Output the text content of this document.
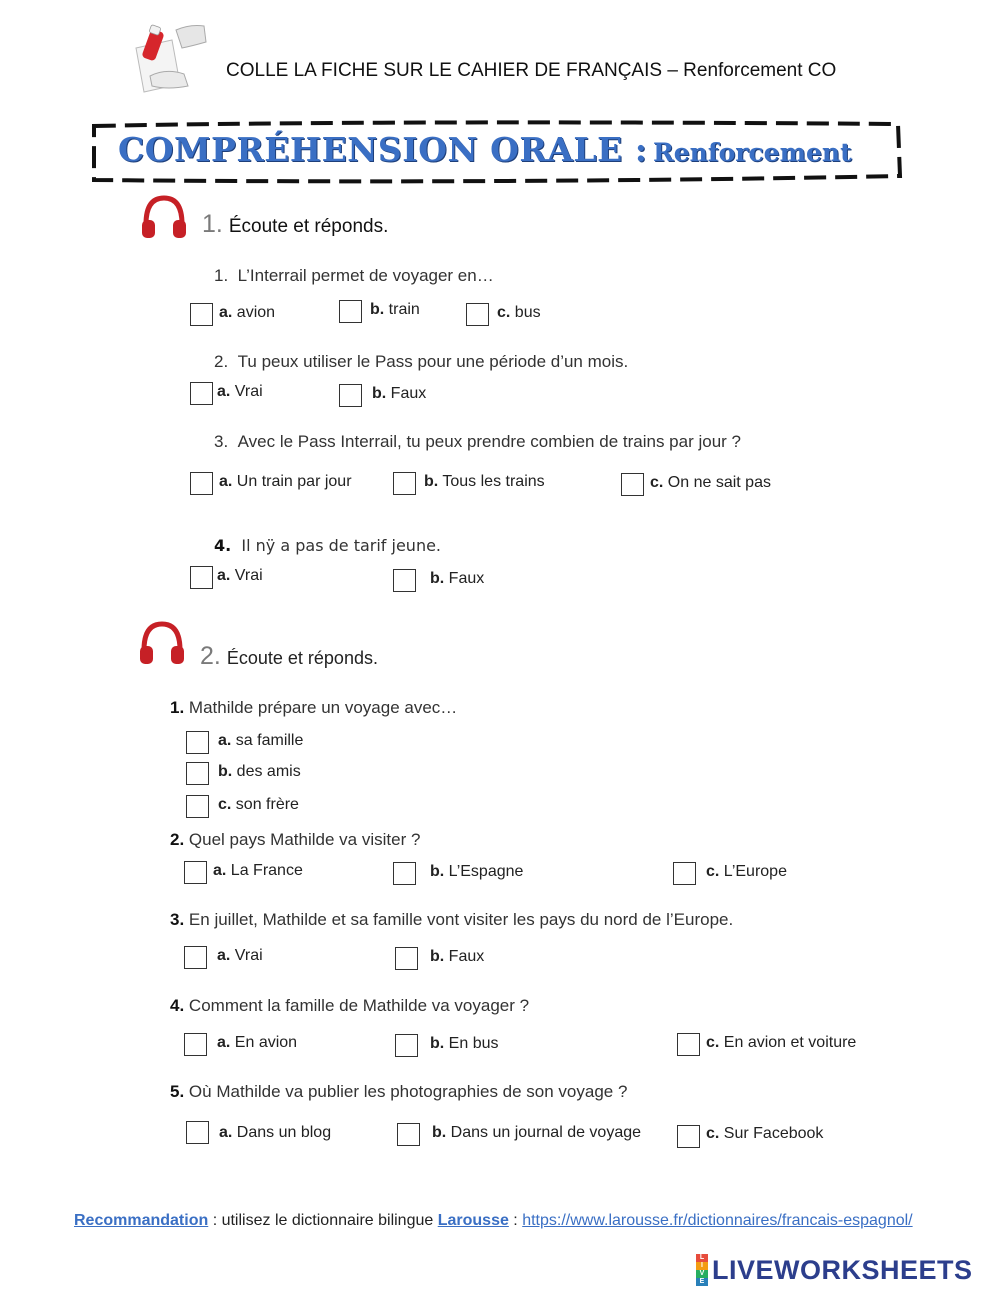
COLLE LA FICHE SUR LE CAHIER DE FRANÇAIS – Renforcement CO
COMPRÉHENSION ORALE : Renforcement
1. Écoute et réponds.
1. L’Interrail permet de voyager en…
a. avion	b. train	c. bus
2. Tu peux utiliser le Pass pour une période d’un mois.
a. Vrai	b. Faux
3. Avec le Pass Interrail, tu peux prendre combien de trains par jour ?
a. Un train par jour	b. Tous les trains	c. On ne sait pas
4. Il nÿ a pas de tarif jeune.
a. Vrai	b. Faux
2. Écoute et réponds.
1. Mathilde prépare un voyage avec…
a. sa famille
b. des amis
c. son frère
2. Quel pays Mathilde va visiter ?
a. La France	b. L’Espagne	c. L’Europe
3. En juillet, Mathilde et sa famille vont visiter les pays du nord de l’Europe.
a. Vrai	b. Faux
4. Comment la famille de Mathilde va voyager ?
a. En avion	b. En bus	c. En avion et voiture
5. Où Mathilde va publier les photographies de son voyage ?
a. Dans un blog	b. Dans un journal de voyage	c. Sur Facebook
Recommandation : utilisez le dictionnaire bilingue Larousse : https://www.larousse.fr/dictionnaires/francais-espagnol/
L
I
V
E LIVEWORKSHEETS
